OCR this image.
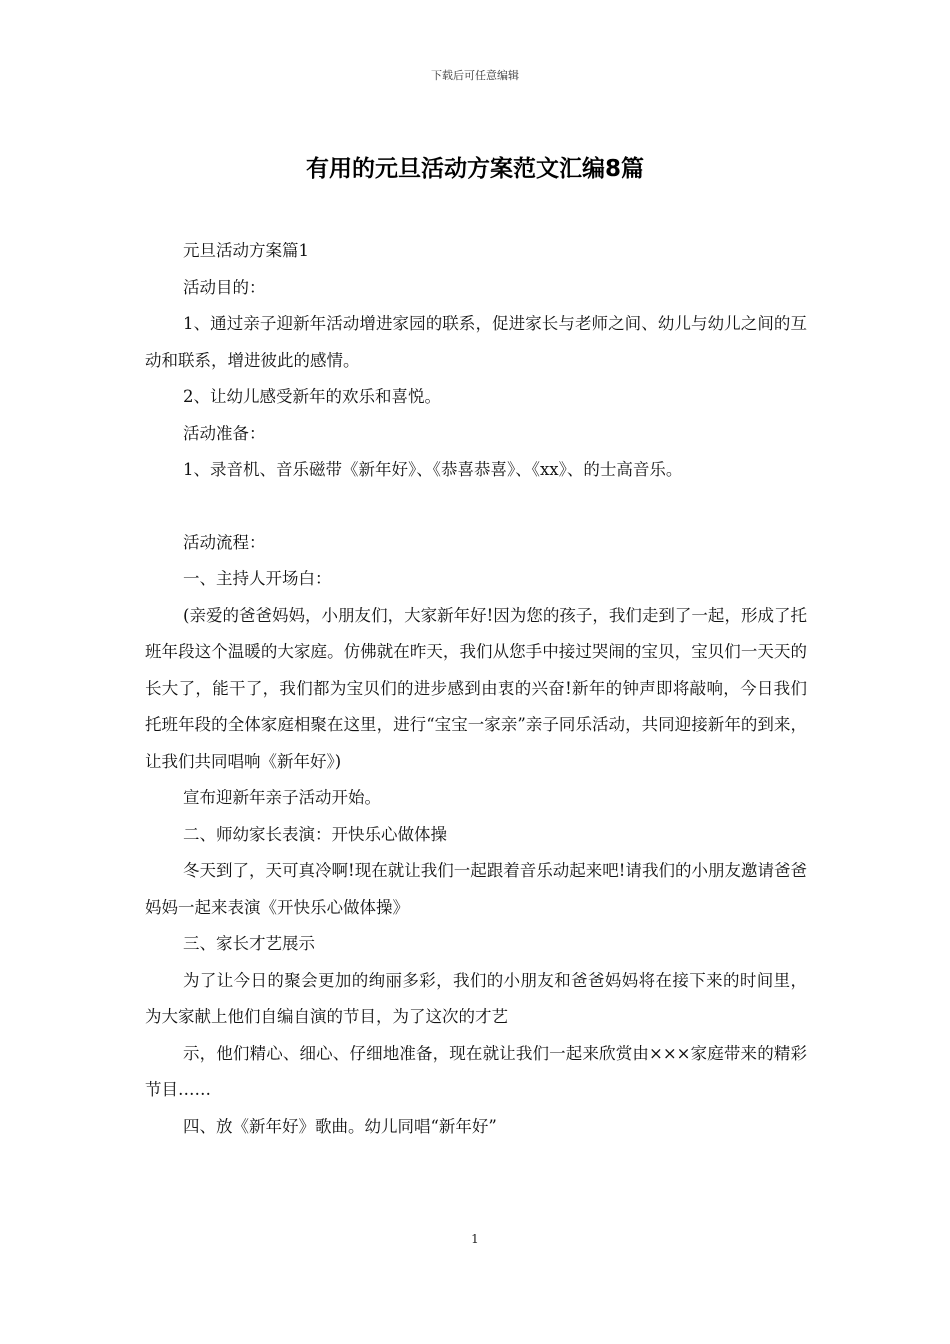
下载后可任意编辑
有用的元旦活动方案范文汇编8篇

元旦活动方案篇1

活动目的：

1、通过亲子迎新年活动增进家园的联系，促进家长与老师之间、幼儿与幼儿之间的互动和联系，增进彼此的感情。

2、让幼儿感受新年的欢乐和喜悦。

活动准备：

1、录音机、音乐磁带《新年好》、《恭喜恭喜》、《xx》、的士高音乐。

活动流程：

一、主持人开场白：

(亲爱的爸爸妈妈，小朋友们，大家新年好!因为您的孩子，我们走到了一起，形成了托班年段这个温暖的大家庭。仿佛就在昨天，我们从您手中接过哭闹的宝贝，宝贝们一天天的长大了，能干了，我们都为宝贝们的进步感到由衷的兴奋!新年的钟声即将敲响，今日我们托班年段的全体家庭相聚在这里，进行“宝宝一家亲”亲子同乐活动，共同迎接新年的到来，让我们共同唱响《新年好》)

宣布迎新年亲子活动开始。

二、师幼家长表演：开快乐心做体操

冬天到了，天可真冷啊!现在就让我们一起跟着音乐动起来吧!请我们的小朋友邀请爸爸妈妈一起来表演《开快乐心做体操》

三、家长才艺展示

为了让今日的聚会更加的绚丽多彩，我们的小朋友和爸爸妈妈将在接下来的时间里，为大家献上他们自编自演的节目，为了这次的才艺

示，他们精心、细心、仔细地准备，现在就让我们一起来欣赏由×××家庭带来的精彩节目……

四、放《新年好》歌曲。幼儿同唱“新年好”

1
